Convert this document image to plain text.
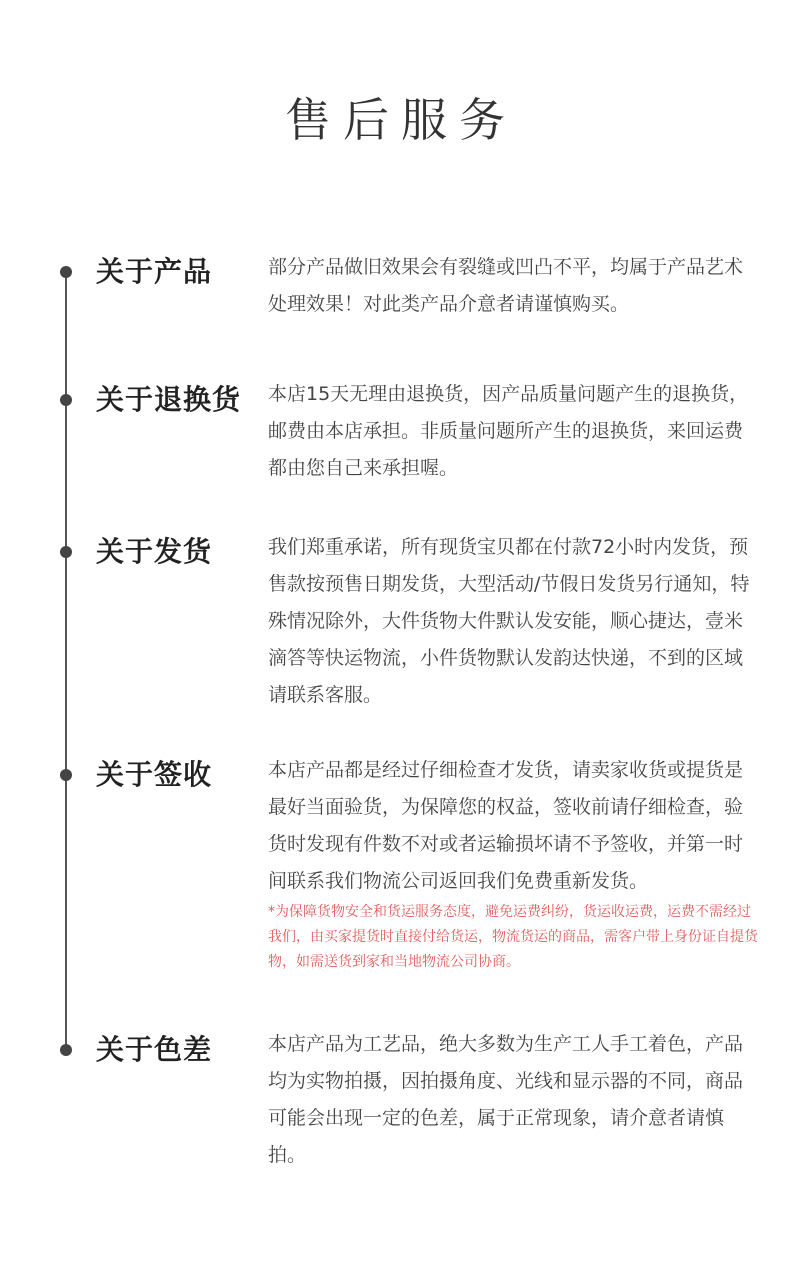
售后服务
关于产品	部分产品做旧效果会有裂缝或凹凸不平，均属于产品艺术处理效果！对此类产品介意者请谨慎购买。

关于退换货 本店15天无理由退换货，因产品质量问题产生的退换货，邮费由本店承担。非质量问题所产生的退换货，来回运费都由您自己来承担喔。

关于发货	我们郑重承诺，所有现货宝贝都在付款72小时内发货，预售款按预售日期发货，大型活动/节假日发货另行通知，特殊情况除外，大件货物大件默认发安能，顺心捷达，壹米滴答等快运物流，小件货物默认发韵达快递，不到的区域请联系客服。

关于签收	本店产品都是经过仔细检查才发货，请卖家收货或提货是最好当面验货，为保障您的权益，签收前请仔细检查，验货时发现有件数不对或者运输损坏请不予签收，并第一时间联系我们物流公司返回我们免费重新发货。

*为保障货物安全和货运服务态度，避免运费纠纷，货运收运费，运费不需经过我们，由买家提货时直接付给货运，物流货运的商品，需客户带上身份证自提货物，如需送货到家和当地物流公司协商。

关于色差	本店产品为工艺品，绝大多数为生产工人手工着色，产品均为实物拍摄，因拍摄角度、光线和显示器的不同，商品可能会出现一定的色差，属于正常现象，请介意者请慎拍。
